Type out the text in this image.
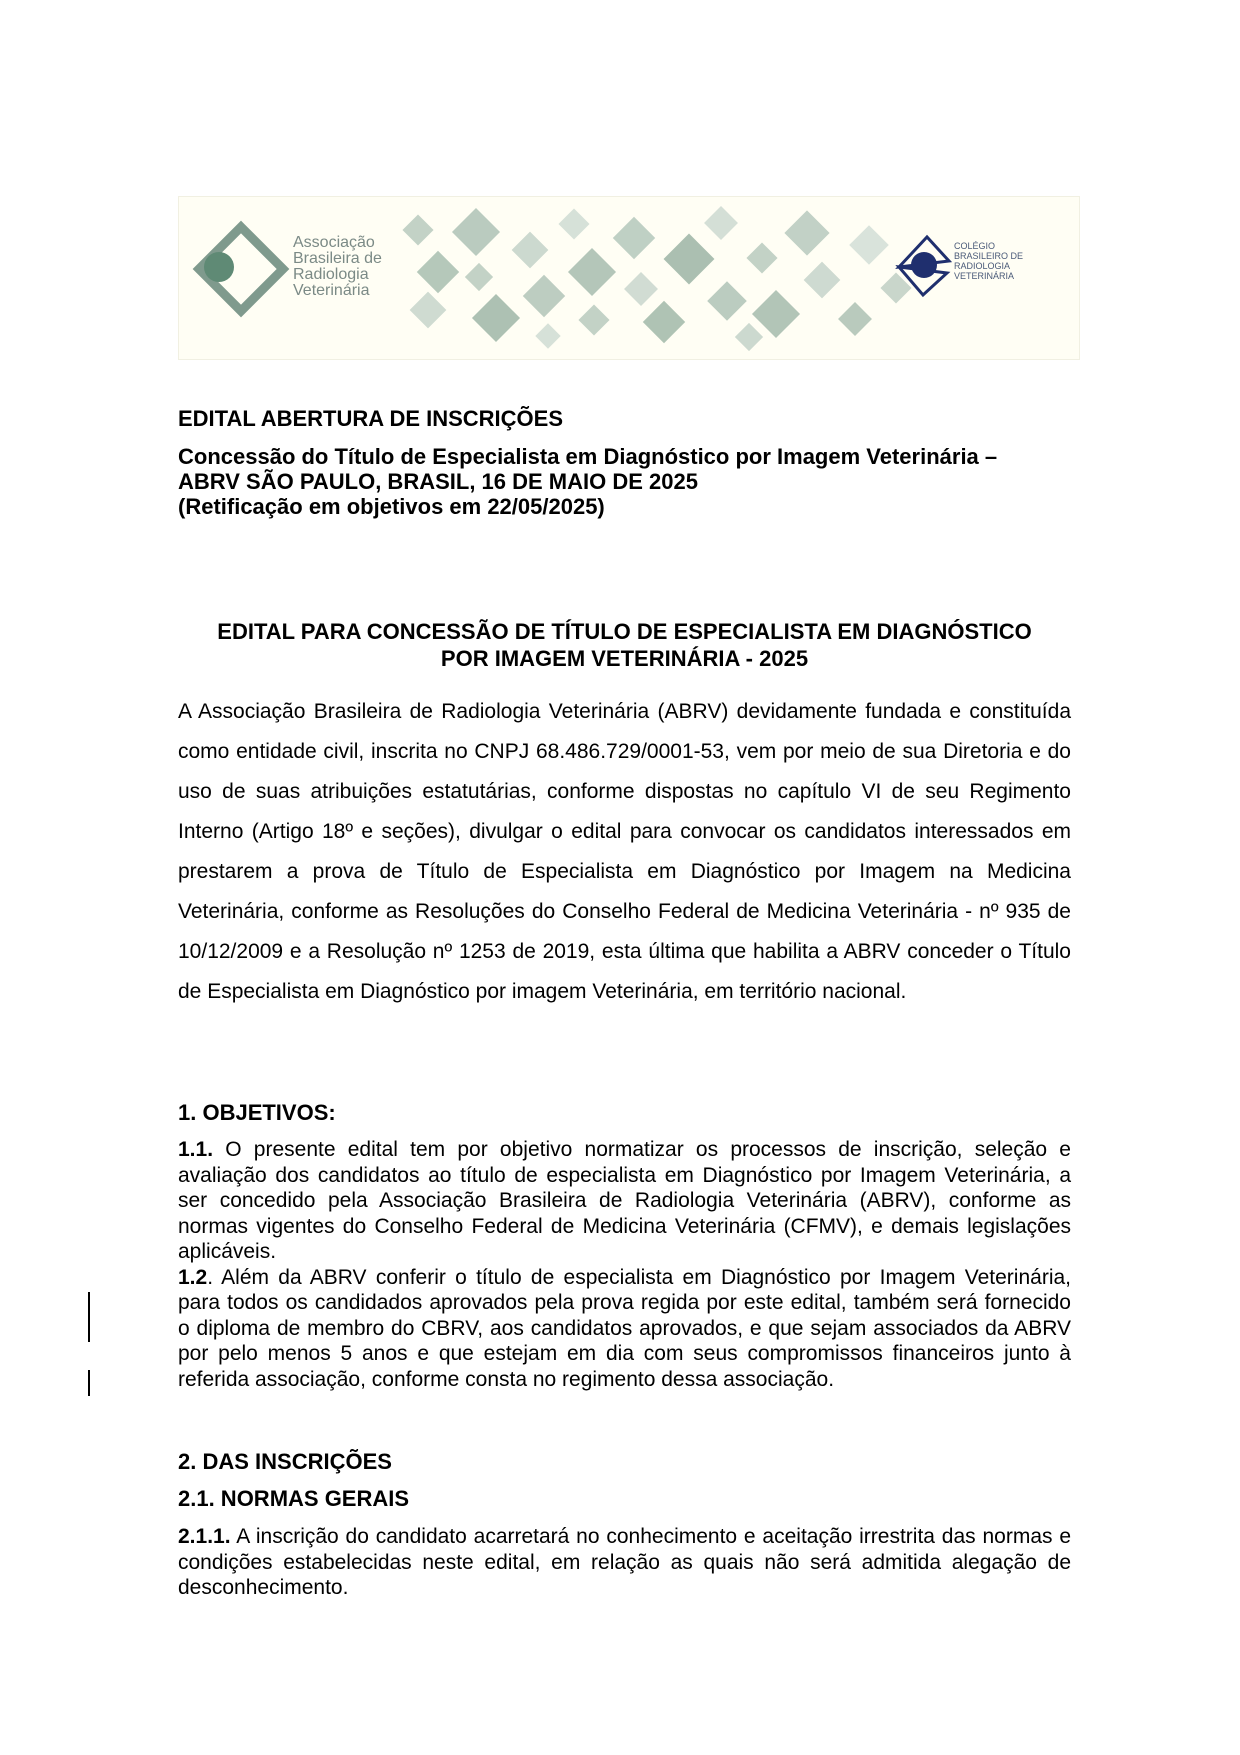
Associação
Brasileira de
Radiologia
Veterinária
COLÉGIO
BRASILEIRO DE
RADIOLOGIA
VETERINÁRIA
EDITAL ABERTURA DE INSCRIÇÕES
Concessão do Título de Especialista em Diagnóstico por Imagem Veterinária –
ABRV SÃO PAULO, BRASIL, 16 DE MAIO DE 2025
(Retificação em objetivos em 22/05/2025)
EDITAL PARA CONCESSÃO DE TÍTULO DE ESPECIALISTA EM DIAGNÓSTICO
POR IMAGEM VETERINÁRIA - 2025

A Associação Brasileira de Radiologia Veterinária (ABRV) devidamente fundada e constituída como entidade civil, inscrita no CNPJ 68.486.729/0001-53, vem por meio de sua Diretoria e do uso de suas atribuições estatutárias, conforme dispostas no capítulo VI de seu Regimento Interno (Artigo 18º e seções), divulgar o edital para convocar os candidatos interessados em prestarem a prova de Título de Especialista em Diagnóstico por Imagem na Medicina Veterinária, conforme as Resoluções do Conselho Federal de Medicina Veterinária - nº 935 de 10/12/2009 e a Resolução nº 1253 de 2019, esta última que habilita a ABRV conceder o Título de Especialista em Diagnóstico por imagem Veterinária, em território nacional.

1. OBJETIVOS:

1.1. O presente edital tem por objetivo normatizar os processos de inscrição, seleção e avaliação dos candidatos ao título de especialista em Diagnóstico por Imagem Veterinária, a ser concedido pela Associação Brasileira de Radiologia Veterinária (ABRV), conforme as normas vigentes do Conselho Federal de Medicina Veterinária (CFMV), e demais legislações aplicáveis.

1.2. Além da ABRV conferir o título de especialista em Diagnóstico por Imagem Veterinária, para todos os candidados aprovados pela prova regida por este edital, também será fornecido o diploma de membro do CBRV, aos candidatos aprovados, e que sejam associados da ABRV por pelo menos 5 anos e que estejam em dia com seus compromissos financeiros junto à referida associação, conforme consta no regimento dessa associação.

2. DAS INSCRIÇÕES
2.1. NORMAS GERAIS

2.1.1. A inscrição do candidato acarretará no conhecimento e aceitação irrestrita das normas e condições estabelecidas neste edital, em relação as quais não será admitida alegação de desconhecimento.
